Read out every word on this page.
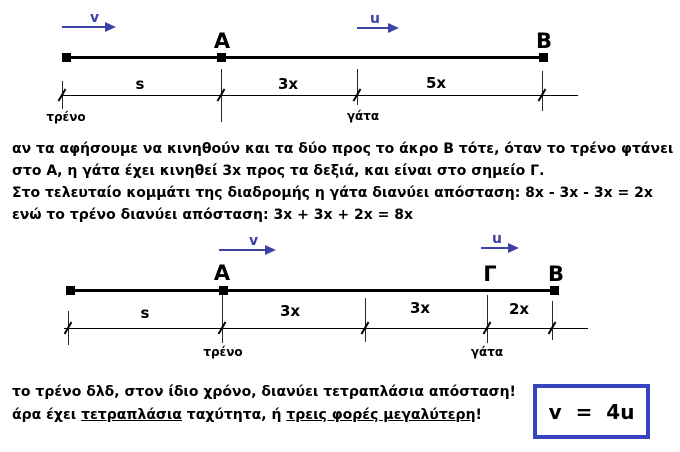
v	u
A	B
s	3x	5x
τρένο	γάτα
αν τα αφήσουμε να κινηθούν και τα δύο προς το άκρο Β τότε, όταν το τρένο φτάνει
στο Α, η γάτα έχει κινηθεί 3x προς τα δεξιά, και είναι στο σημείο Γ.
Στο τελευταίο κομμάτι της διαδρομής η γάτα διανύει απόσταση: 8x - 3x - 3x = 2x
ενώ το τρένο διανύει απόσταση: 3x + 3x + 2x = 8x
v	u
A	Γ B
s	3x	3x	2x
τρένο	γάτα
το τρένο δλδ, στον ίδιο χρόνο, διανύει τετραπλάσια απόσταση!
άρα έχει τετραπλάσια ταχύτητα, ή τρεις φορές μεγαλύτερη!	v = 4u
